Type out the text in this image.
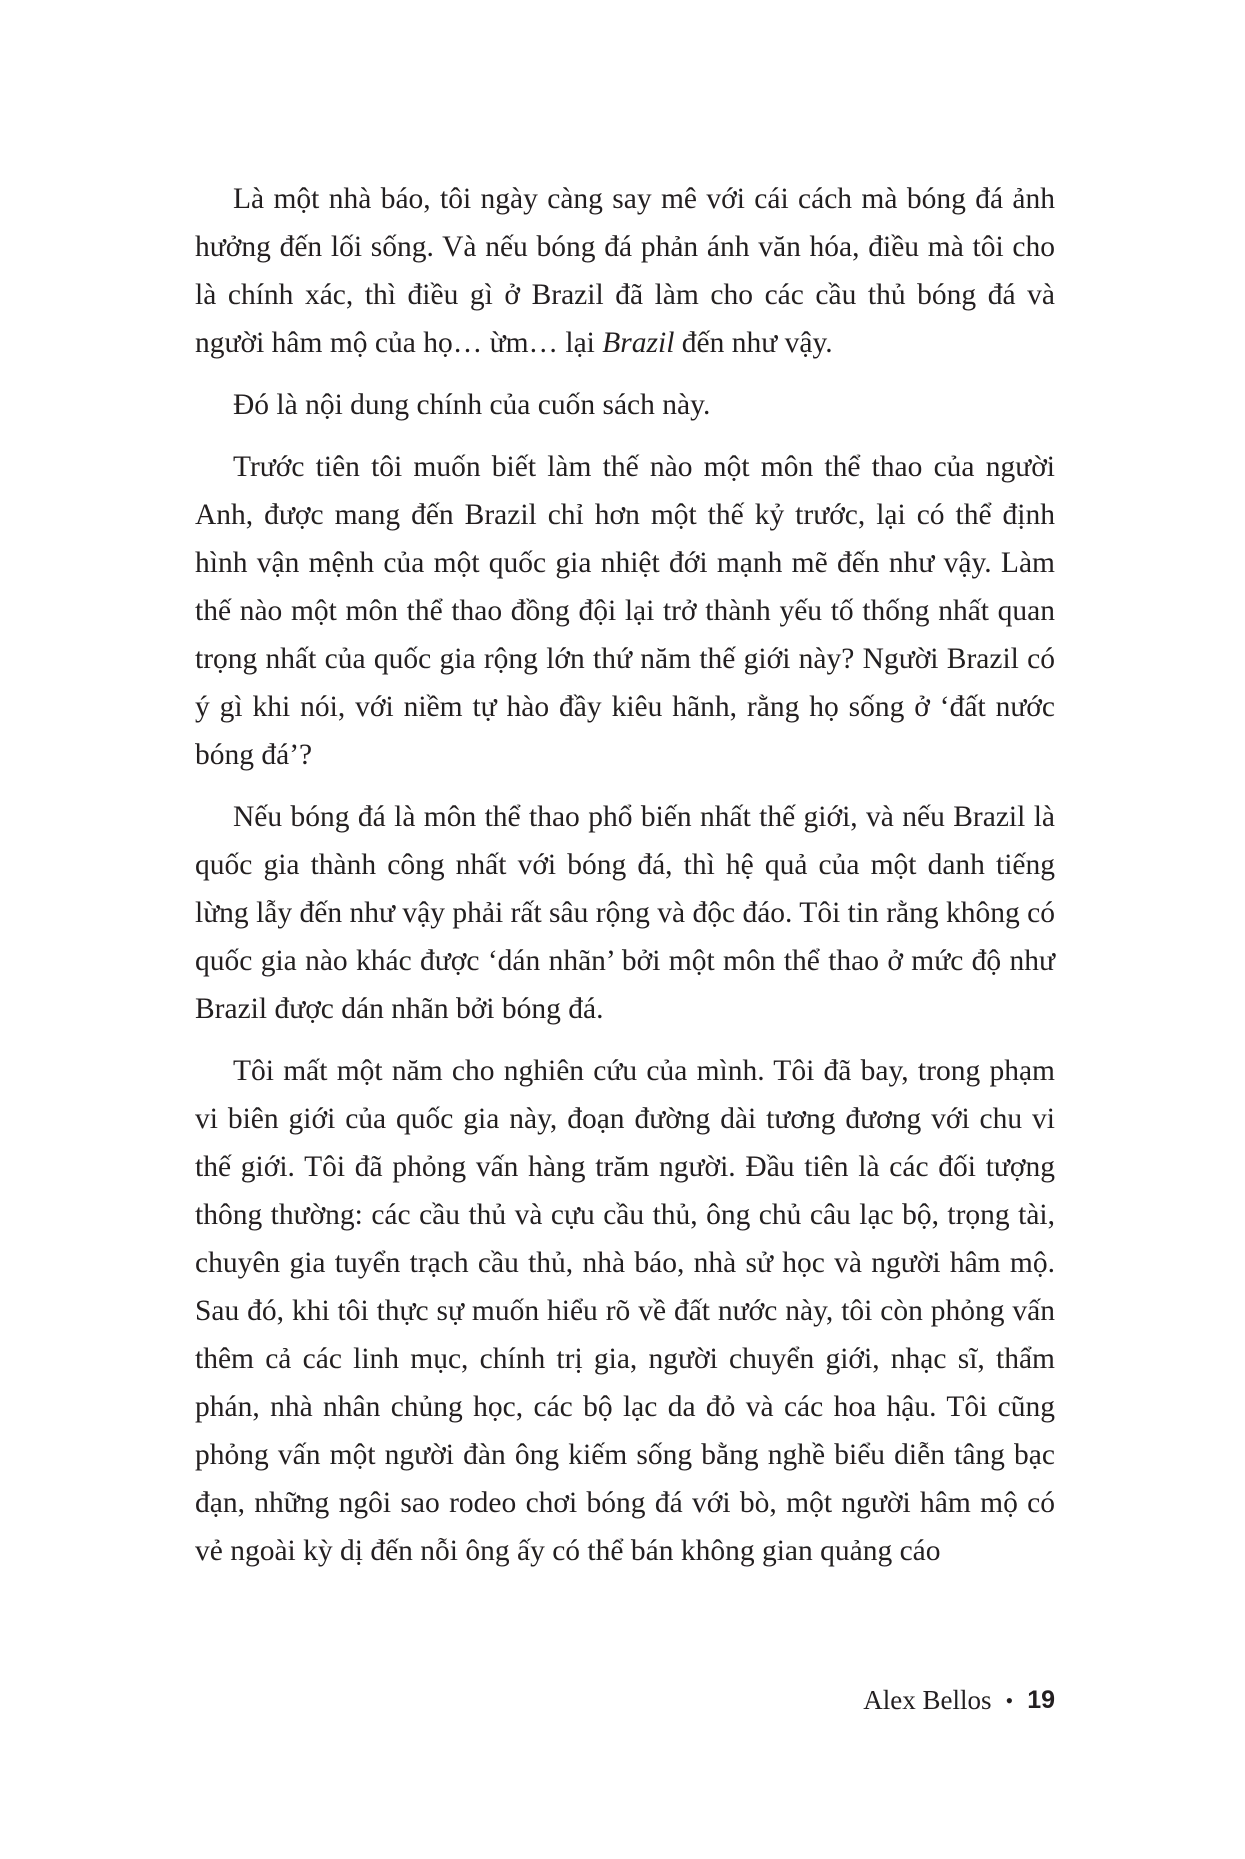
Là một nhà báo, tôi ngày càng say mê với cái cách mà bóng đá ảnh hưởng đến lối sống. Và nếu bóng đá phản ánh văn hóa, điều mà tôi cho là chính xác, thì điều gì ở Brazil đã làm cho các cầu thủ bóng đá và người hâm mộ của họ… ừm… lại Brazil đến như vậy.

Đó là nội dung chính của cuốn sách này.

Trước tiên tôi muốn biết làm thế nào một môn thể thao của người Anh, được mang đến Brazil chỉ hơn một thế kỷ trước, lại có thể định hình vận mệnh của một quốc gia nhiệt đới mạnh mẽ đến như vậy. Làm thế nào một môn thể thao đồng đội lại trở thành yếu tố thống nhất quan trọng nhất của quốc gia rộng lớn thứ năm thế giới này? Người Brazil có ý gì khi nói, với niềm tự hào đầy kiêu hãnh, rằng họ sống ở ‘đất nước bóng đá’?

Nếu bóng đá là môn thể thao phổ biến nhất thế giới, và nếu Brazil là quốc gia thành công nhất với bóng đá, thì hệ quả của một danh tiếng lừng lẫy đến như vậy phải rất sâu rộng và độc đáo. Tôi tin rằng không có quốc gia nào khác được ‘dán nhãn’ bởi một môn thể thao ở mức độ như Brazil được dán nhãn bởi bóng đá.

Tôi mất một năm cho nghiên cứu của mình. Tôi đã bay, trong phạm vi biên giới của quốc gia này, đoạn đường dài tương đương với chu vi thế giới. Tôi đã phỏng vấn hàng trăm người. Đầu tiên là các đối tượng thông thường: các cầu thủ và cựu cầu thủ, ông chủ câu lạc bộ, trọng tài, chuyên gia tuyển trạch cầu thủ, nhà báo, nhà sử học và người hâm mộ. Sau đó, khi tôi thực sự muốn hiểu rõ về đất nước này, tôi còn phỏng vấn thêm cả các linh mục, chính trị gia, người chuyển giới, nhạc sĩ, thẩm phán, nhà nhân chủng học, các bộ lạc da đỏ và các hoa hậu. Tôi cũng phỏng vấn một người đàn ông kiếm sống bằng nghề biểu diễn tâng bạc đạn, những ngôi sao rodeo chơi bóng đá với bò, một người hâm mộ có vẻ ngoài kỳ dị đến nỗi ông ấy có thể bán không gian quảng cáo

Alex Bellos • 19
